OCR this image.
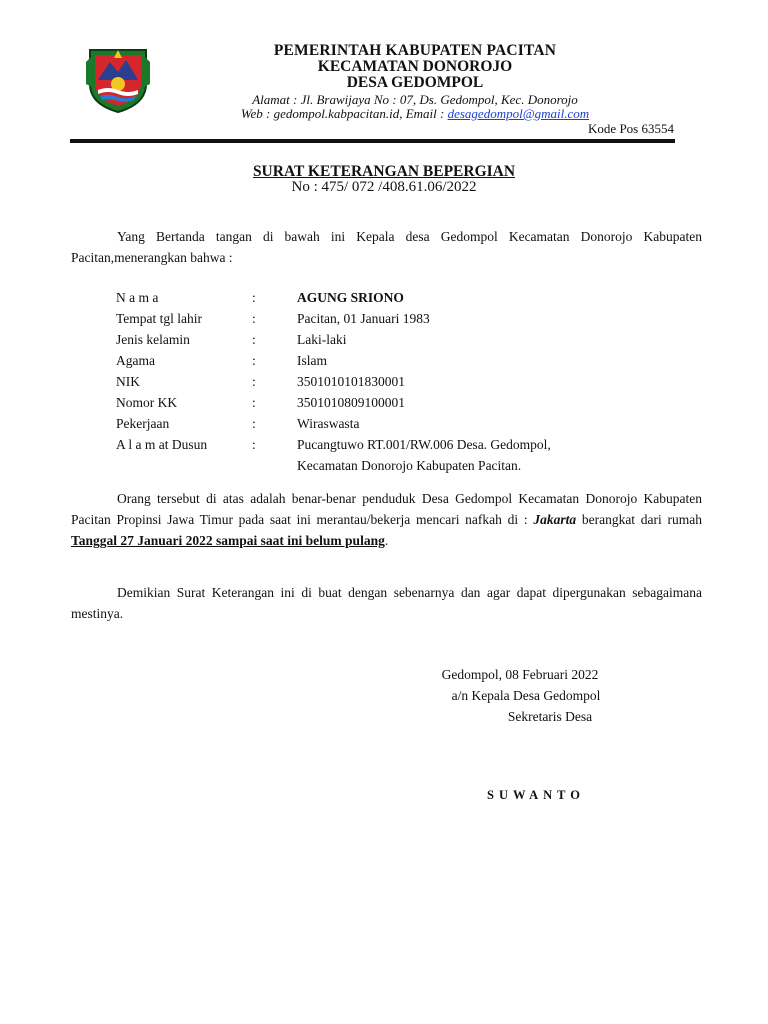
PEMERINTAH KABUPATEN PACITAN
KECAMATAN DONOROJO
DESA GEDOMPOL
Alamat : Jl. Brawijaya No : 07, Ds. Gedompol, Kec. Donorojo
Web : gedompol.kabpacitan.id, Email : desagedompol@gmail.com
Kode Pos 63554
SURAT KETERANGAN BEPERGIAN
No : 475/ 072 /408.61.06/2022
Yang Bertanda tangan di bawah ini Kepala desa Gedompol Kecamatan Donorojo Kabupaten Pacitan,menerangkan bahwa :
N a m a	:	AGUNG SRIONO
Tempat tgl lahir	:	Pacitan, 01 Januari 1983
Jenis kelamin	:	Laki-laki
Agama	:	Islam
NIK	:	3501010101830001
Nomor KK	:	3501010809100001
Pekerjaan	:	Wiraswasta
A l a m at Dusun	:	Pucangtuwo RT.001/RW.006 Desa. Gedompol,
Kecamatan Donorojo Kabupaten Pacitan.
Orang tersebut di atas adalah benar-benar penduduk Desa Gedompol Kecamatan Donorojo Kabupaten Pacitan Propinsi Jawa Timur pada saat ini merantau/bekerja mencari nafkah di : Jakarta berangkat dari rumah Tanggal 27 Januari 2022 sampai saat ini belum pulang.
Demikian Surat Keterangan ini di buat dengan sebenarnya dan agar dapat dipergunakan sebagaimana mestinya.
Gedompol, 08 Februari 2022
a/n Kepala Desa Gedompol
Sekretaris Desa
SUWANTO
